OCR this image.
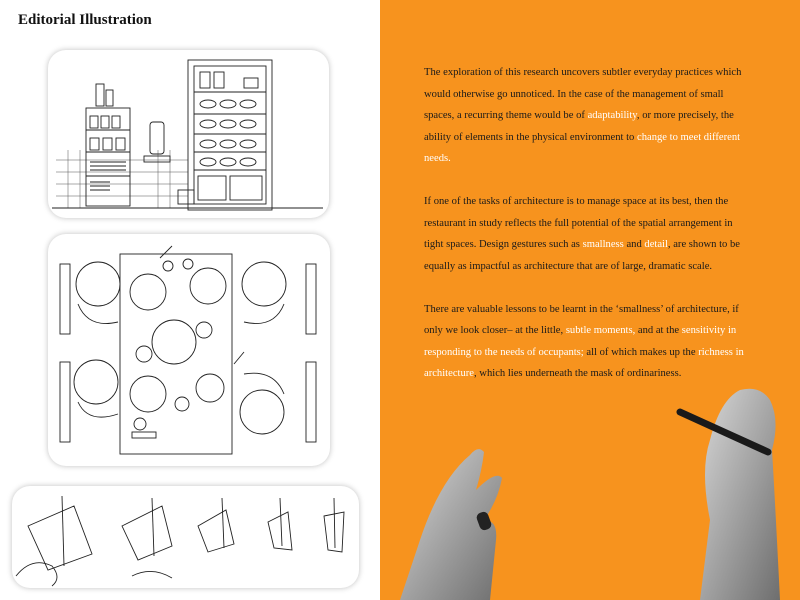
Editorial Illustration

The exploration of this research uncovers subtler everyday practices which would otherwise go unnoticed. In the case of the management of small spaces, a recurring theme would be of adaptability, or more precisely, the ability of elements in the physical environment to change to meet different needs.

If one of the tasks of architecture is to manage space at its best, then the restaurant in study reflects the full potential of the spatial arrangement in tight spaces. Design gestures such as smallness and detail, are shown to be equally as impactful as architecture that are of large, dramatic scale.

There are valuable lessons to be learnt in the ‘smallness’ of architecture, if only we look closer– at the little, subtle moments, and at the sensitivity in responding to the needs of occupants; all of which makes up the richness in architecture, which lies underneath the mask of ordinariness.
